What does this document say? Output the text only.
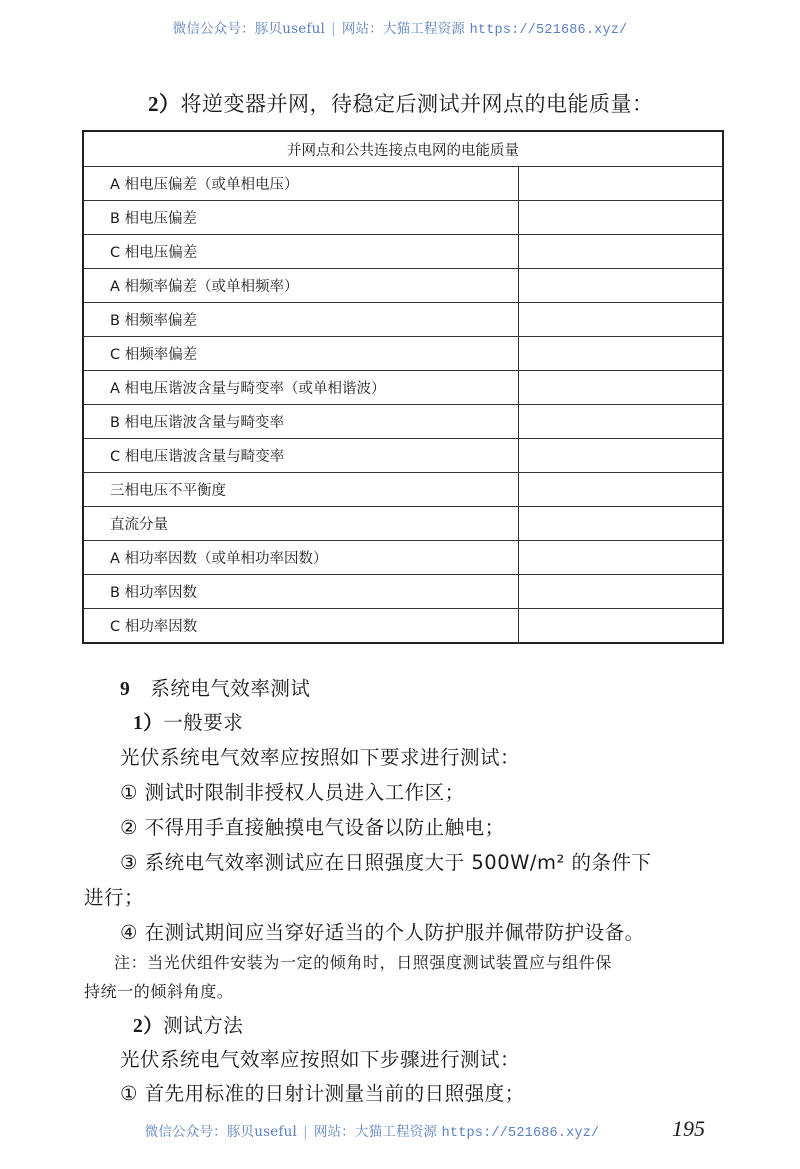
微信公众号：豚贝useful | 网站：大猫工程资源 https://521686.xyz/
2）将逆变器并网，待稳定后测试并网点的电能质量：
并网点和公共连接点电网的电能质量	
A 相电压偏差（或单相电压）	
B 相电压偏差	
C 相电压偏差	
A 相频率偏差（或单相频率）	
B 相频率偏差	
C 相频率偏差	
A 相电压谐波含量与畸变率（或单相谐波）	
B 相电压谐波含量与畸变率	
C 相电压谐波含量与畸变率	
三相电压不平衡度	
直流分量	
A 相功率因数（或单相功率因数）	
B 相功率因数	
C 相功率因数	
9 系统电气效率测试
1）一般要求
光伏系统电气效率应按照如下要求进行测试：
① 测试时限制非授权人员进入工作区；
② 不得用手直接触摸电气设备以防止触电；
③ 系统电气效率测试应在日照强度大于 500W/m² 的条件下
进行；
④ 在测试期间应当穿好适当的个人防护服并佩带防护设备。
注：当光伏组件安装为一定的倾角时，日照强度测试装置应与组件保
持统一的倾斜角度。
2）测试方法
光伏系统电气效率应按照如下步骤进行测试：
① 首先用标准的日射计测量当前的日照强度；
微信公众号：豚贝useful | 网站：大猫工程资源 https://521686.xyz/	195
